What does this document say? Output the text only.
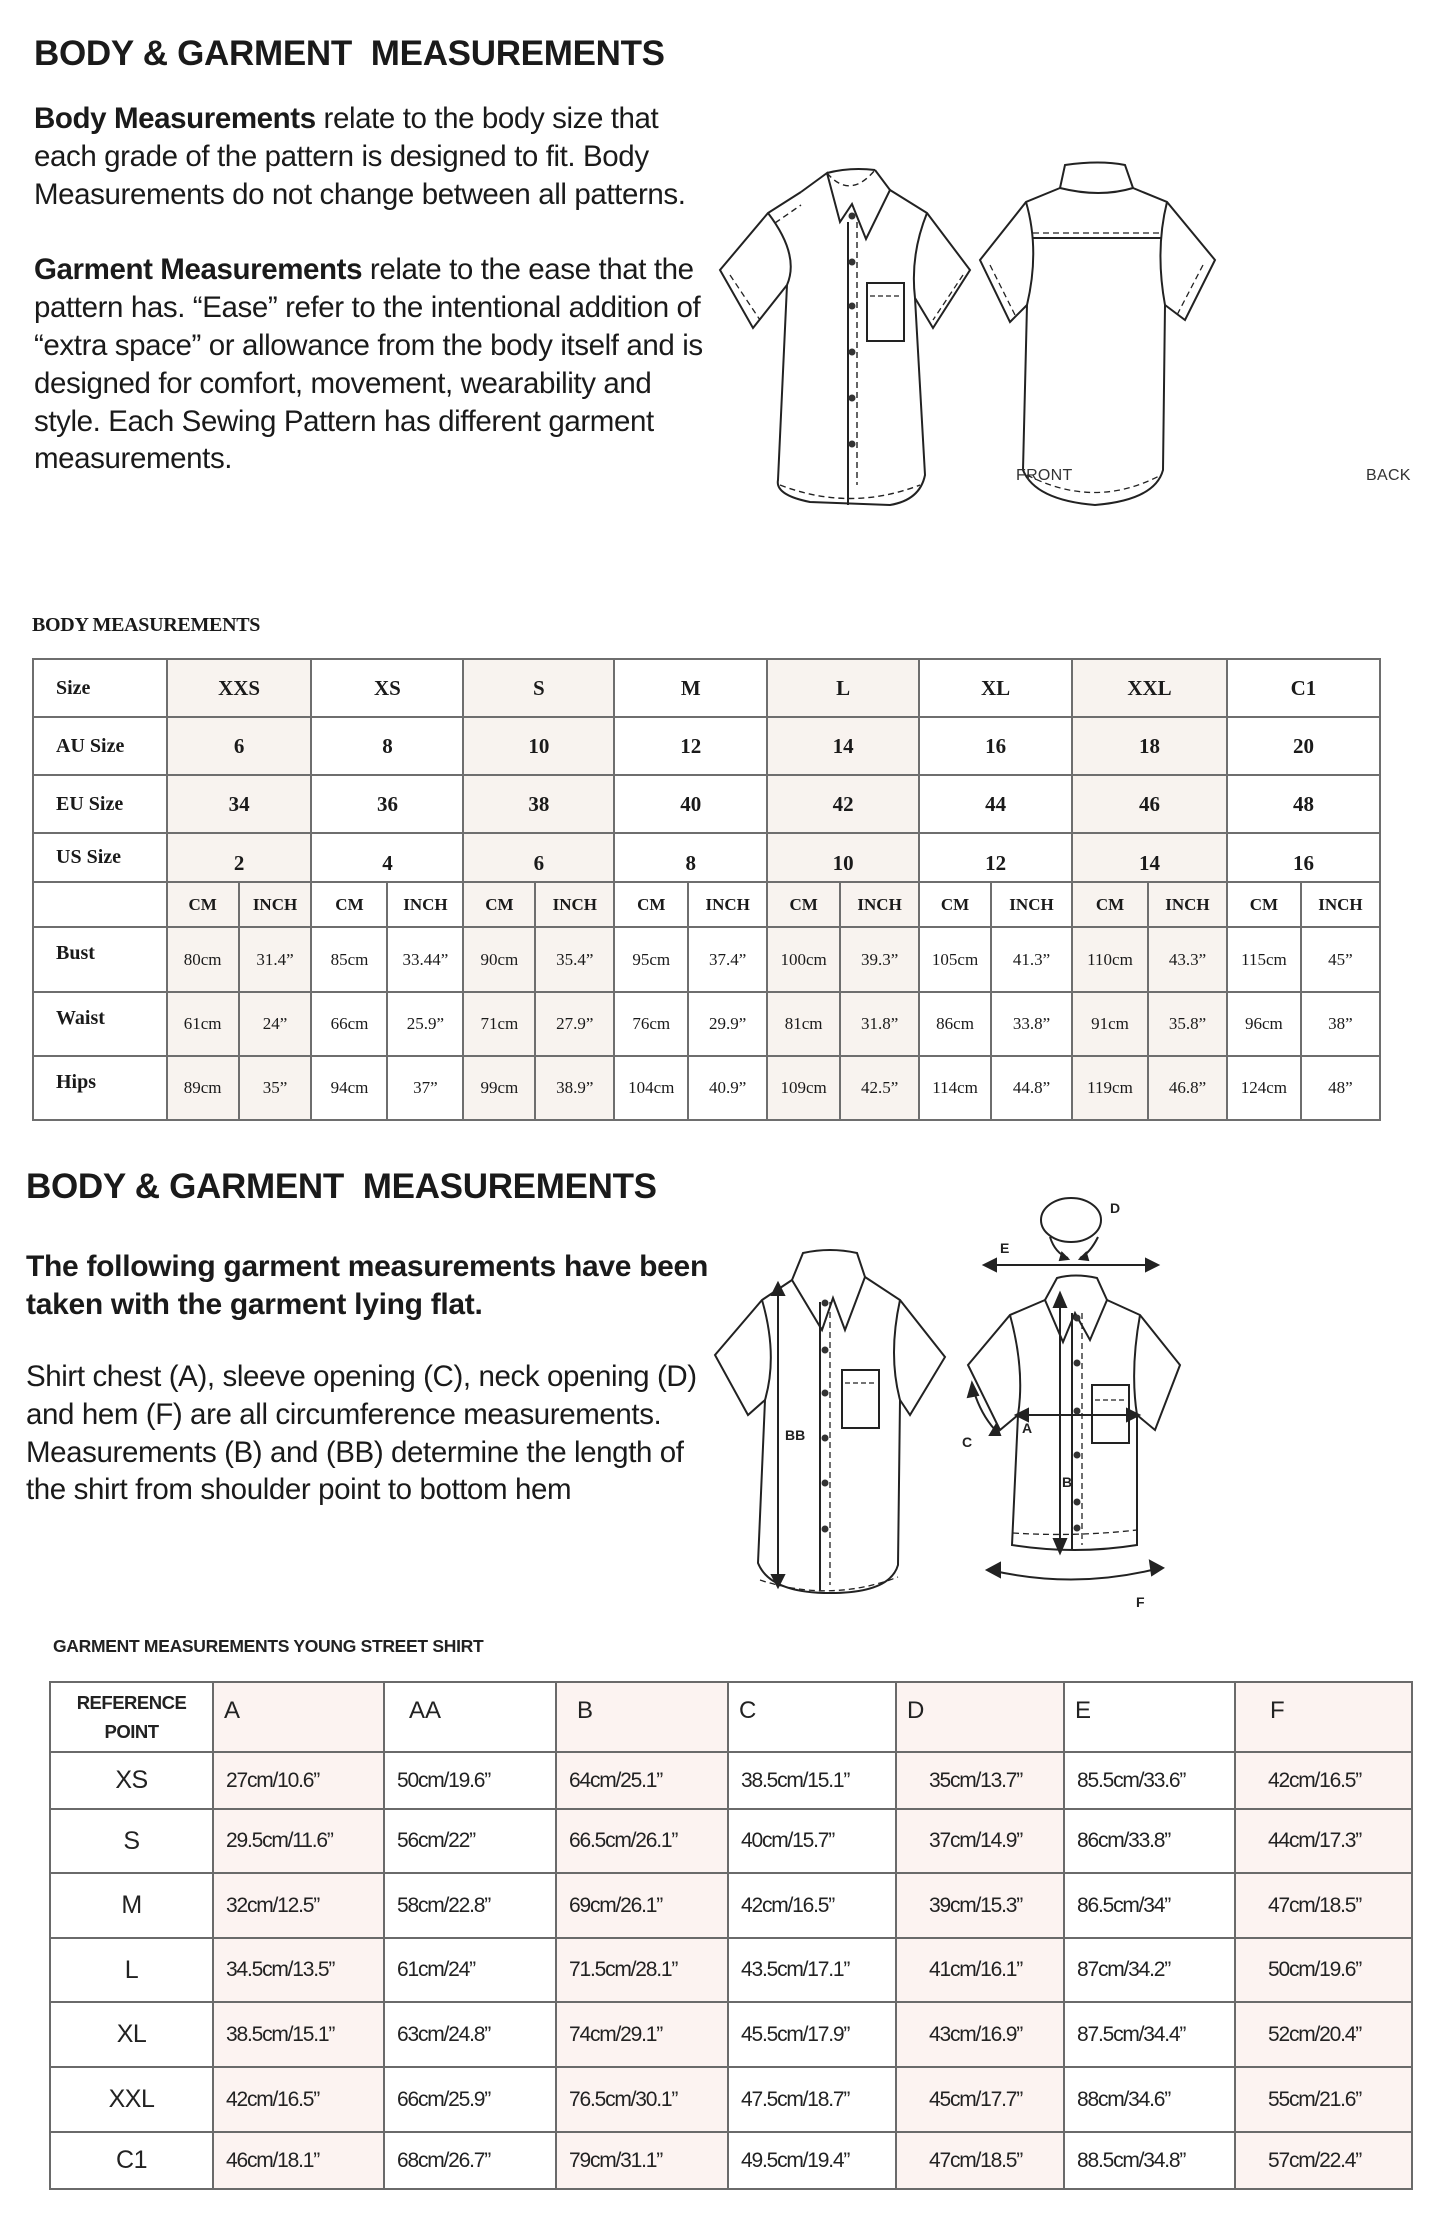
BODY & GARMENT  MEASUREMENTS

Body Measurements relate to the body size that each grade of the pattern is designed to fit. Body Measurements do not change between all patterns.

Garment Measurements relate to the ease that the pattern has. “Ease” refer to the intentional addition of “extra space” or allowance from the body itself and is designed for comfort, movement, wearability and style. Each Sewing Pattern has different garment measurements.

FRONT	BACK
BODY MEASUREMENTS
Size	XXS		XS		S		M		L		XL		XXL		C1	
AU Size	6		8		10		12		14		16		18		20	
EU Size	34		36		38		40		42		44		46		48	
US Size	2		4		6		8		10		12		14		16	
	CM	INCH	CM	INCH	CM	INCH	CM	INCH	CM	INCH	CM	INCH	CM	INCH	CM	INCH
Bust	80cm	31.4”	85cm	33.44”	90cm	35.4”	95cm	37.4”	100cm	39.3”	105cm	41.3”	110cm	43.3”	115cm	45”
Waist	61cm	24”	66cm	25.9”	71cm	27.9”	76cm	29.9”	81cm	31.8”	86cm	33.8”	91cm	35.8”	96cm	38”
Hips	89cm	35”	94cm	37”	99cm	38.9”	104cm	40.9”	109cm	42.5”	114cm	44.8”	119cm	46.8”	124cm	48”
BODY & GARMENT  MEASUREMENTS
The following garment measurements have been taken with the garment lying flat.
Shirt chest (A), sleeve opening (C), neck opening (D) and hem (F) are all circumference measurements. Measurements (B) and (BB) determine the length of the shirt from shoulder point to bottom hem
BB	A
B
C
D
E
F
GARMENT MEASUREMENTS YOUNG STREET SHIRT
REFERENCE
POINT	A	AA	B	C	D	E	F
XS	27cm/10.6”	50cm/19.6”	64cm/25.1”	38.5cm/15.1”	35cm/13.7”	85.5cm/33.6”	42cm/16.5”
S	29.5cm/11.6”	56cm/22”	66.5cm/26.1”	40cm/15.7”	37cm/14.9”	86cm/33.8”	44cm/17.3”
M	32cm/12.5”	58cm/22.8”	69cm/26.1”	42cm/16.5”	39cm/15.3”	86.5cm/34”	47cm/18.5”
L	34.5cm/13.5”	61cm/24”	71.5cm/28.1”	43.5cm/17.1”	41cm/16.1”	87cm/34.2”	50cm/19.6”
XL	38.5cm/15.1”	63cm/24.8”	74cm/29.1”	45.5cm/17.9”	43cm/16.9”	87.5cm/34.4”	52cm/20.4”
XXL	42cm/16.5”	66cm/25.9”	76.5cm/30.1”	47.5cm/18.7”	45cm/17.7”	88cm/34.6”	55cm/21.6”
C1	46cm/18.1”	68cm/26.7”	79cm/31.1”	49.5cm/19.4”	47cm/18.5”	88.5cm/34.8”	57cm/22.4”
